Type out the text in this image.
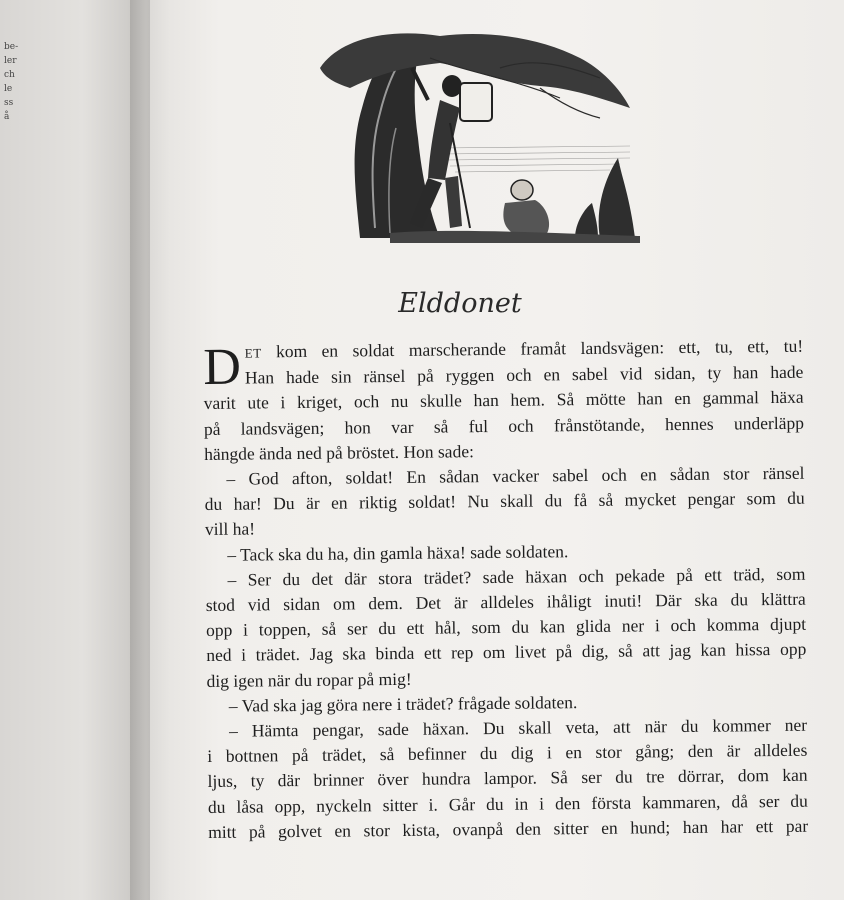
be-
ler
ch
le
ss
å
Elddonet

D ET kom en soldat marscherande framåt landsvägen: ett, tu, ett, tu!
Han hade sin ränsel på ryggen och en sabel vid sidan, ty han hade
varit ute i kriget, och nu skulle han hem. Så mötte han en gammal häxa
på landsvägen; hon var så ful och frånstötande, hennes underläpp
hängde ända ned på bröstet. Hon sade:

– God afton, soldat! En sådan vacker sabel och en sådan stor ränsel
du har! Du är en riktig soldat! Nu skall du få så mycket pengar som du
vill ha!

– Tack ska du ha, din gamla häxa! sade soldaten.

– Ser du det där stora trädet? sade häxan och pekade på ett träd, som
stod vid sidan om dem. Det är alldeles ihåligt inuti! Där ska du klättra
opp i toppen, så ser du ett hål, som du kan glida ner i och komma djupt
ned i trädet. Jag ska binda ett rep om livet på dig, så att jag kan hissa opp
dig igen när du ropar på mig!

– Vad ska jag göra nere i trädet? frågade soldaten.

– Hämta pengar, sade häxan. Du skall veta, att när du kommer ner
i bottnen på trädet, så befinner du dig i en stor gång; den är alldeles
ljus, ty där brinner över hundra lampor. Så ser du tre dörrar, dom kan
du låsa opp, nyckeln sitter i. Går du in i den första kammaren, då ser du
mitt på golvet en stor kista, ovanpå den sitter en hund; han har ett par
